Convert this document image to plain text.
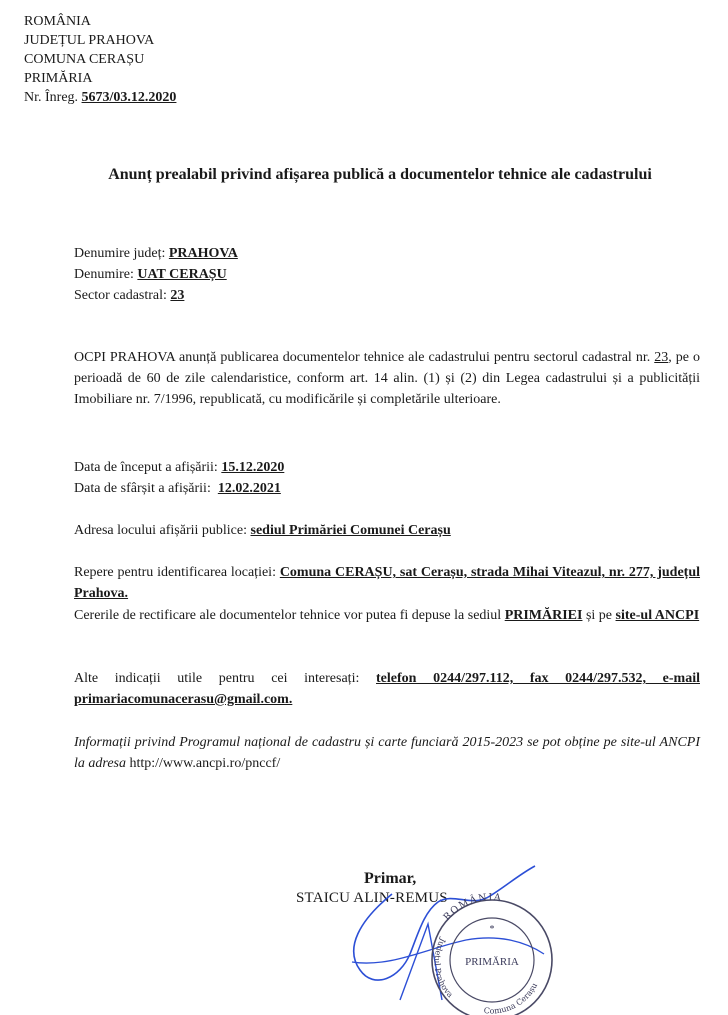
ROMÂNIA
JUDEȚUL PRAHOVA
COMUNA CERAȘU
PRIMĂRIA
Nr. Înreg. 5673/03.12.2020
Anunț prealabil privind afișarea publică a documentelor tehnice ale cadastrului
Denumire județ: PRAHOVA
Denumire: UAT CERAȘU
Sector cadastral: 23
OCPI PRAHOVA anunță publicarea documentelor tehnice ale cadastrului pentru sectorul cadastral nr. 23, pe o perioadă de 60 de zile calendaristice, conform art. 14 alin. (1) și (2) din Legea cadastrului și a publicității Imobiliare nr. 7/1996, republicată, cu modificările și completările ulterioare.
Data de început a afișării: 15.12.2020
Data de sfârșit a afișării: 12.02.2021
Adresa locului afișării publice: sediul Primăriei Comunei Cerașu
Repere pentru identificarea locației: Comuna CERAȘU, sat Cerașu, strada Mihai Viteazul, nr. 277, județul Prahova.
Cererile de rectificare ale documentelor tehnice vor putea fi depuse la sediul PRIMĂRIEI și pe site-ul ANCPI
Alte indicații utile pentru cei interesați: telefon 0244/297.112, fax 0244/297.532, e-mail primariacomunacerasu@gmail.com.
Informații privind Programul național de cadastru și carte funciară 2015-2023 se pot obține pe site-ul ANCPI la adresa http://www.ancpi.ro/pnccf/
Primar,
STAICU ALIN-REMUS
ROMÂNIA
Județul Prahova
Comuna Cerașu
*
PRIMĂRIA
